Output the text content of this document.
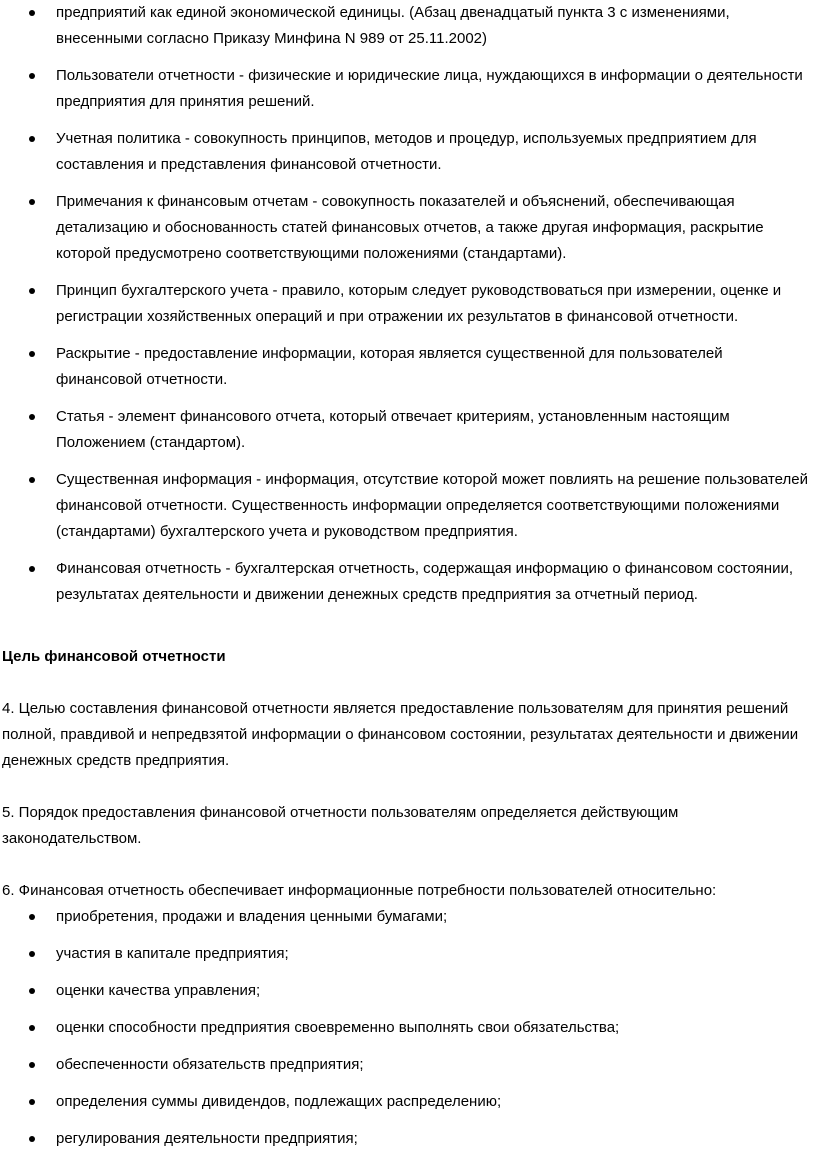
предприятий как единой экономической единицы. (Абзац двенадцатый пункта 3 с изменениями, внесенными согласно Приказу Минфина N 989 от 25.11.2002)
Пользователи отчетности - физические и юридические лица, нуждающихся в информации о деятельности предприятия для принятия решений.
Учетная политика - совокупность принципов, методов и процедур, используемых предприятием для составления и представления финансовой отчетности.
Примечания к финансовым отчетам - совокупность показателей и объяснений, обеспечивающая детализацию и обоснованность статей финансовых отчетов, а также другая информация, раскрытие которой предусмотрено соответствующими положениями (стандартами).
Принцип бухгалтерского учета - правило, которым следует руководствоваться при измерении, оценке и регистрации хозяйственных операций и при отражении их результатов в финансовой отчетности.
Раскрытие - предоставление информации, которая является существенной для пользователей финансовой отчетности.
Статья - элемент финансового отчета, который отвечает критериям, установленным настоящим Положением (стандартом).
Существенная информация - информация, отсутствие которой может повлиять на решение пользователей финансовой отчетности. Существенность информации определяется соответствующими положениями (стандартами) бухгалтерского учета и руководством предприятия.
Финансовая отчетность - бухгалтерская отчетность, содержащая информацию о финансовом состоянии, результатах деятельности и движении денежных средств предприятия за отчетный период.
Цель финансовой отчетности

4. Целью составления финансовой отчетности является предоставление пользователям для принятия решений полной, правдивой и непредвзятой информации о финансовом состоянии, результатах деятельности и движении денежных средств предприятия.

5. Порядок предоставления финансовой отчетности пользователям определяется действующим законодательством.

6. Финансовая отчетность обеспечивает информационные потребности пользователей относительно:

приобретения, продажи и владения ценными бумагами;
участия в капитале предприятия;
оценки качества управления;
оценки способности предприятия своевременно выполнять свои обязательства;
обеспеченности обязательств предприятия;
определения суммы дивидендов, подлежащих распределению;
регулирования деятельности предприятия;
